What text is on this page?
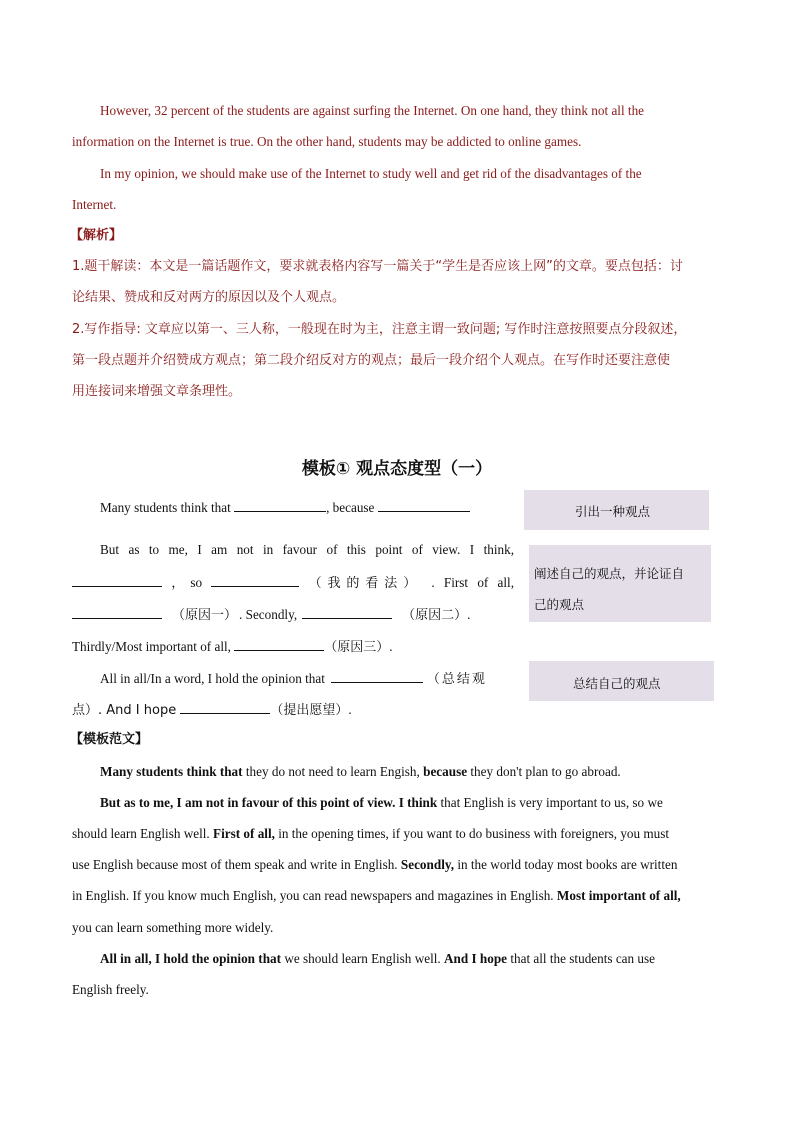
However, 32 percent of the students are against surfing the Internet. On one hand, they think not all the
information on the Internet is true. On the other hand, students may be addicted to online games.
In my opinion, we should make use of the Internet to study well and get rid of the disadvantages of the
Internet.
【解析】
1.题干解读：本文是一篇话题作文，要求就表格内容写一篇关于“学生是否应该上网”的文章。要点包括：讨
论结果、赞成和反对两方的原因以及个人观点。
2.写作指导: 文章应以第一、三人称，一般现在时为主，注意主谓一致问题; 写作时注意按照要点分段叙述，
第一段点题并介绍赞成方观点；第二段介绍反对方的观点；最后一段介绍个人观点。在写作时还要注意使
用连接词来增强文章条理性。
模板① 观点态度型（一）
Many students think that	, because
But as to me, I am not in favour of this point of view. I think,
，so	（我的看法） . First of all,
（原因一） . Secondly,	（原因二）.
Thirdly/Most important of all,	（原因三）.
All in all/In a word, I hold the opinion that	（总结观
点）. And I hope	（提出愿望）.
引出一种观点
阐述自己的观点，并论证自
己的观点
总结自己的观点
【模板范文】
Many students think that they do not need to learn Engish, because they don't plan to go abroad.
But as to me, I am not in favour of this point of view. I think that English is very important to us, so we
should learn English well. First of all, in the opening times, if you want to do business with foreigners, you must
use English because most of them speak and write in English. Secondly, in the world today most books are written
in English. If you know much English, you can read newspapers and magazines in English. Most important of all,
you can learn something more widely.
All in all, I hold the opinion that we should learn English well. And I hope that all the students can use
English freely.
